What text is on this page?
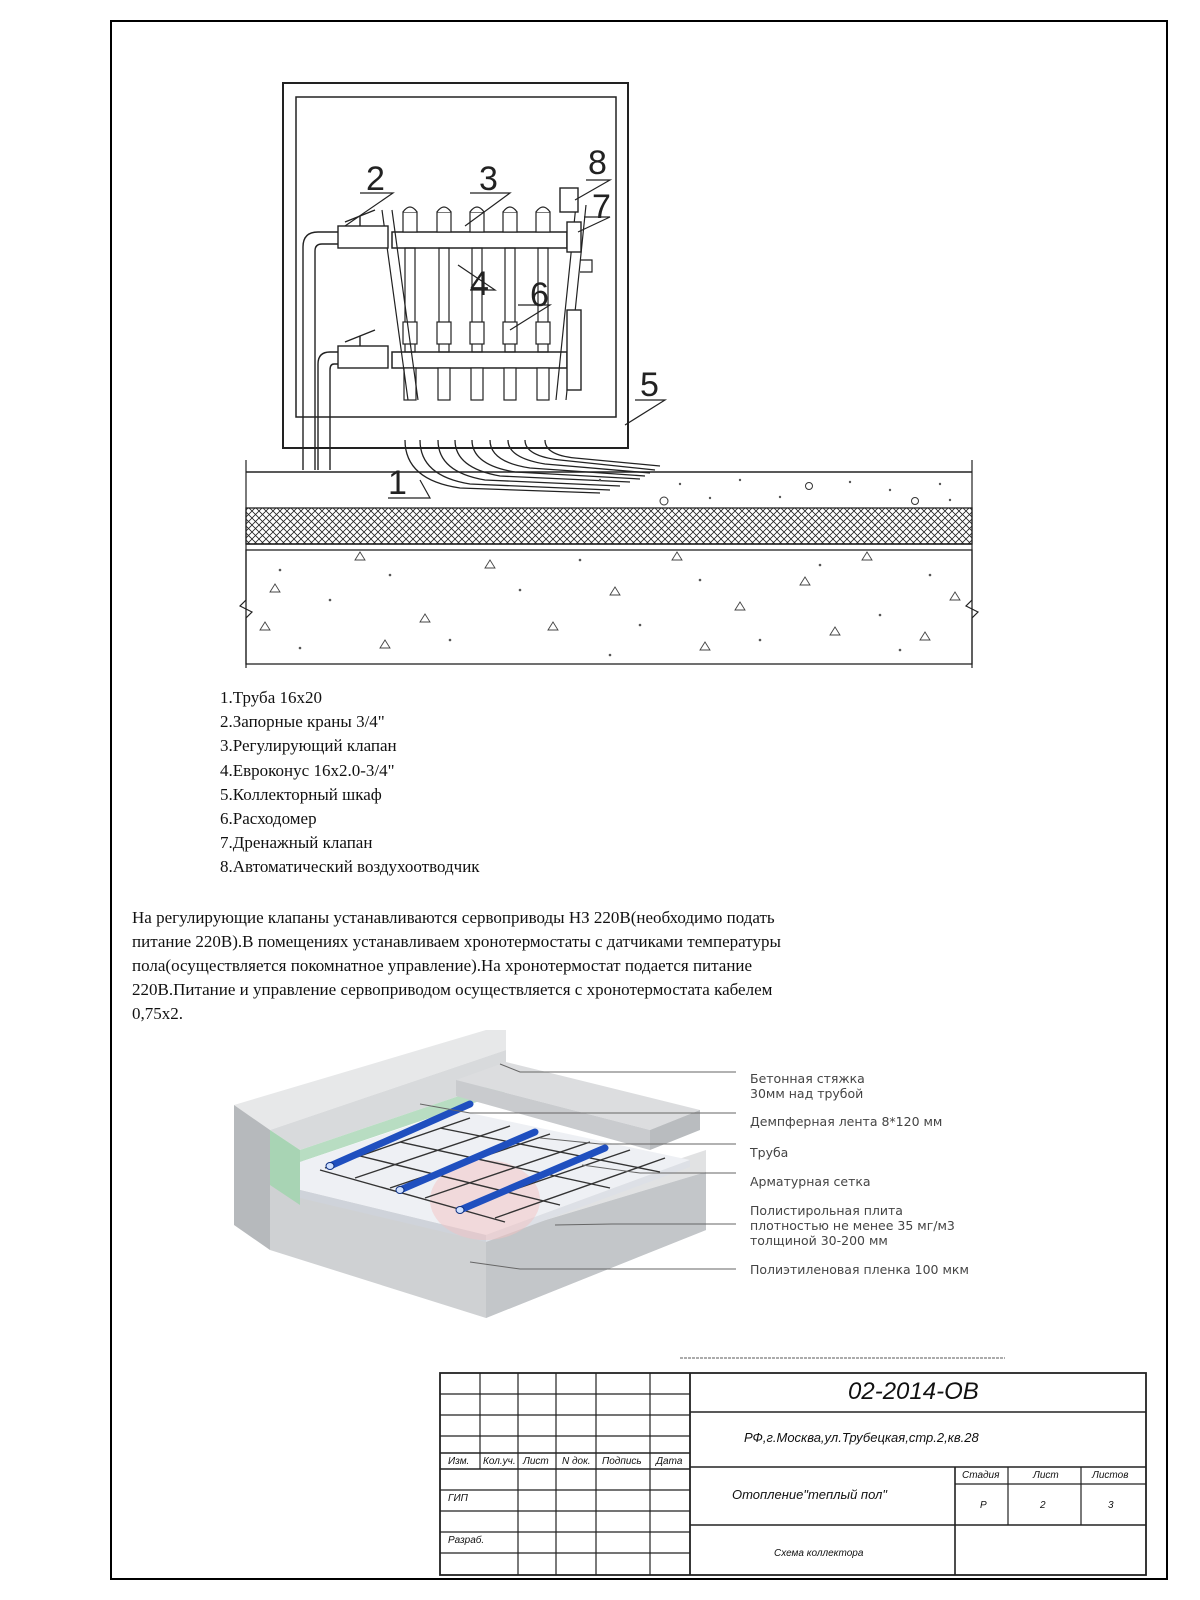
1
2	3
4
5
6
7
8
1.Труба 16х20
2.Запорные краны 3/4"
3.Регулирующий клапан
4.Евроконус 16х2.0-3/4"
5.Коллекторный шкаф
6.Расходомер
7.Дренажный клапан
8.Автоматический воздухоотводчик

На регулирующие клапаны устанавливаются сервоприводы НЗ 220В(необходимо подать
питание 220В).В помещениях устанавливаем хронотермостаты с датчиками температуры
пола(осуществляется покомнатное управление).На хронотермостат подается питание
220В.Питание и управление сервоприводом осуществляется с хронотермостата кабелем
0,75х2.

Бетонная стяжка
30мм над трубой
Демпферная лента 8*120 мм
Труба
Арматурная сетка
Полистирольная плита
плотностью не менее 35 мг/м3
толщиной 30-200 мм
Полиэтиленовая пленка 100 мкм
02-2014-ОВ
РФ,г.Москва,ул.Трубецкая,стр.2,кв.28
Отопление"теплый пол"
Схема коллектора
Изм. Кол.уч. Лист N док. Подпись Дата
ГИП
Разраб.
Стадия	Лист	Листов
Р	2	3
